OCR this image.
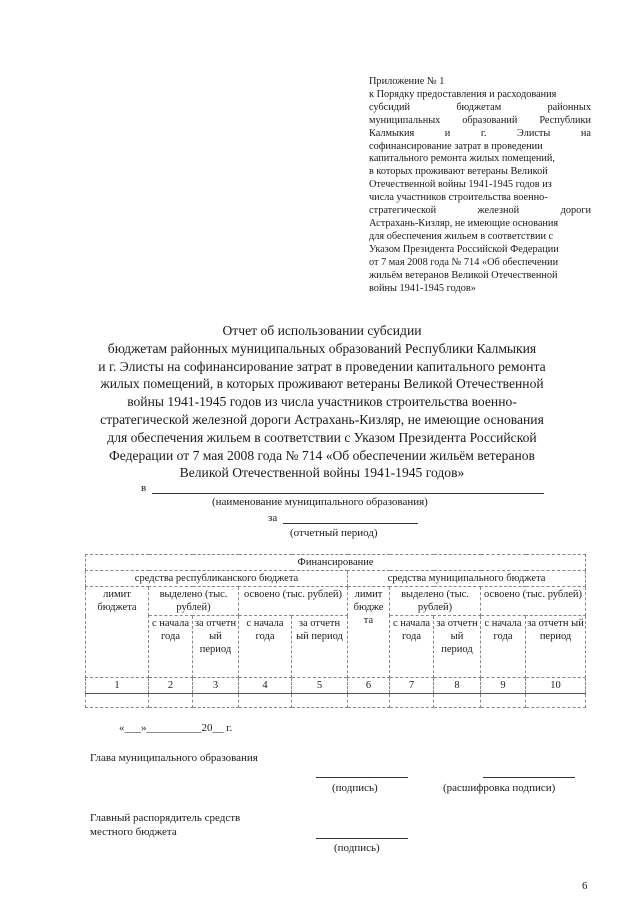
Приложение № 1
к Порядку предоставления и расходования
субсидий бюджетам районных
муниципальных образований Республики
Калмыкия и г. Элисты на
софинансирование затрат в проведении
капитального ремонта жилых помещений,
в которых проживают ветераны Великой
Отечественной войны 1941-1945 годов из
числа участников строительства военно-
стратегической железной дороги
Астрахань-Кизляр, не имеющие основания
для обеспечения жильем в соответствии с
Указом Президента Российской Федерации
от 7 мая 2008 года № 714 «Об обеспечении
жильём ветеранов Великой Отечественной
войны 1941-1945 годов»
Отчет об использовании субсидии
бюджетам районных муниципальных образований Республики Калмыкия
и г. Элисты на софинансирование затрат в проведении капитального ремонта
жилых помещений, в которых проживают ветераны Великой Отечественной
войны 1941-1945 годов из числа участников строительства военно-
стратегической железной дороги Астрахань-Кизляр, не имеющие основания
для обеспечения жильем в соответствии с Указом Президента Российской
Федерации от 7 мая 2008 года № 714 «Об обеспечении жильём ветеранов
Великой Отечественной войны 1941-1945 годов»
в
(наименование муниципального образования)
за
(отчетный период)
Финансирование									
средства республиканского бюджета					средства муниципального бюджета				
лимит бюджета	выделено (тыс. рублей)		освоено (тыс. рублей)		лимит бюдже та	выделено (тыс. рублей)		освоено (тыс. рублей)	
	с начала года	за отчетн ый период	с начала года	за отчетн ый период		с начала года	за отчетн ый период	с начала года	за отчетн ый период
1	2	3	4	5	6	7	8	9	10

«___»__________20__ г.
Глава муниципального образования
(подпись)	(расшифровка подписи)
Главный распорядитель средств
местного бюджета
(подпись)
6
